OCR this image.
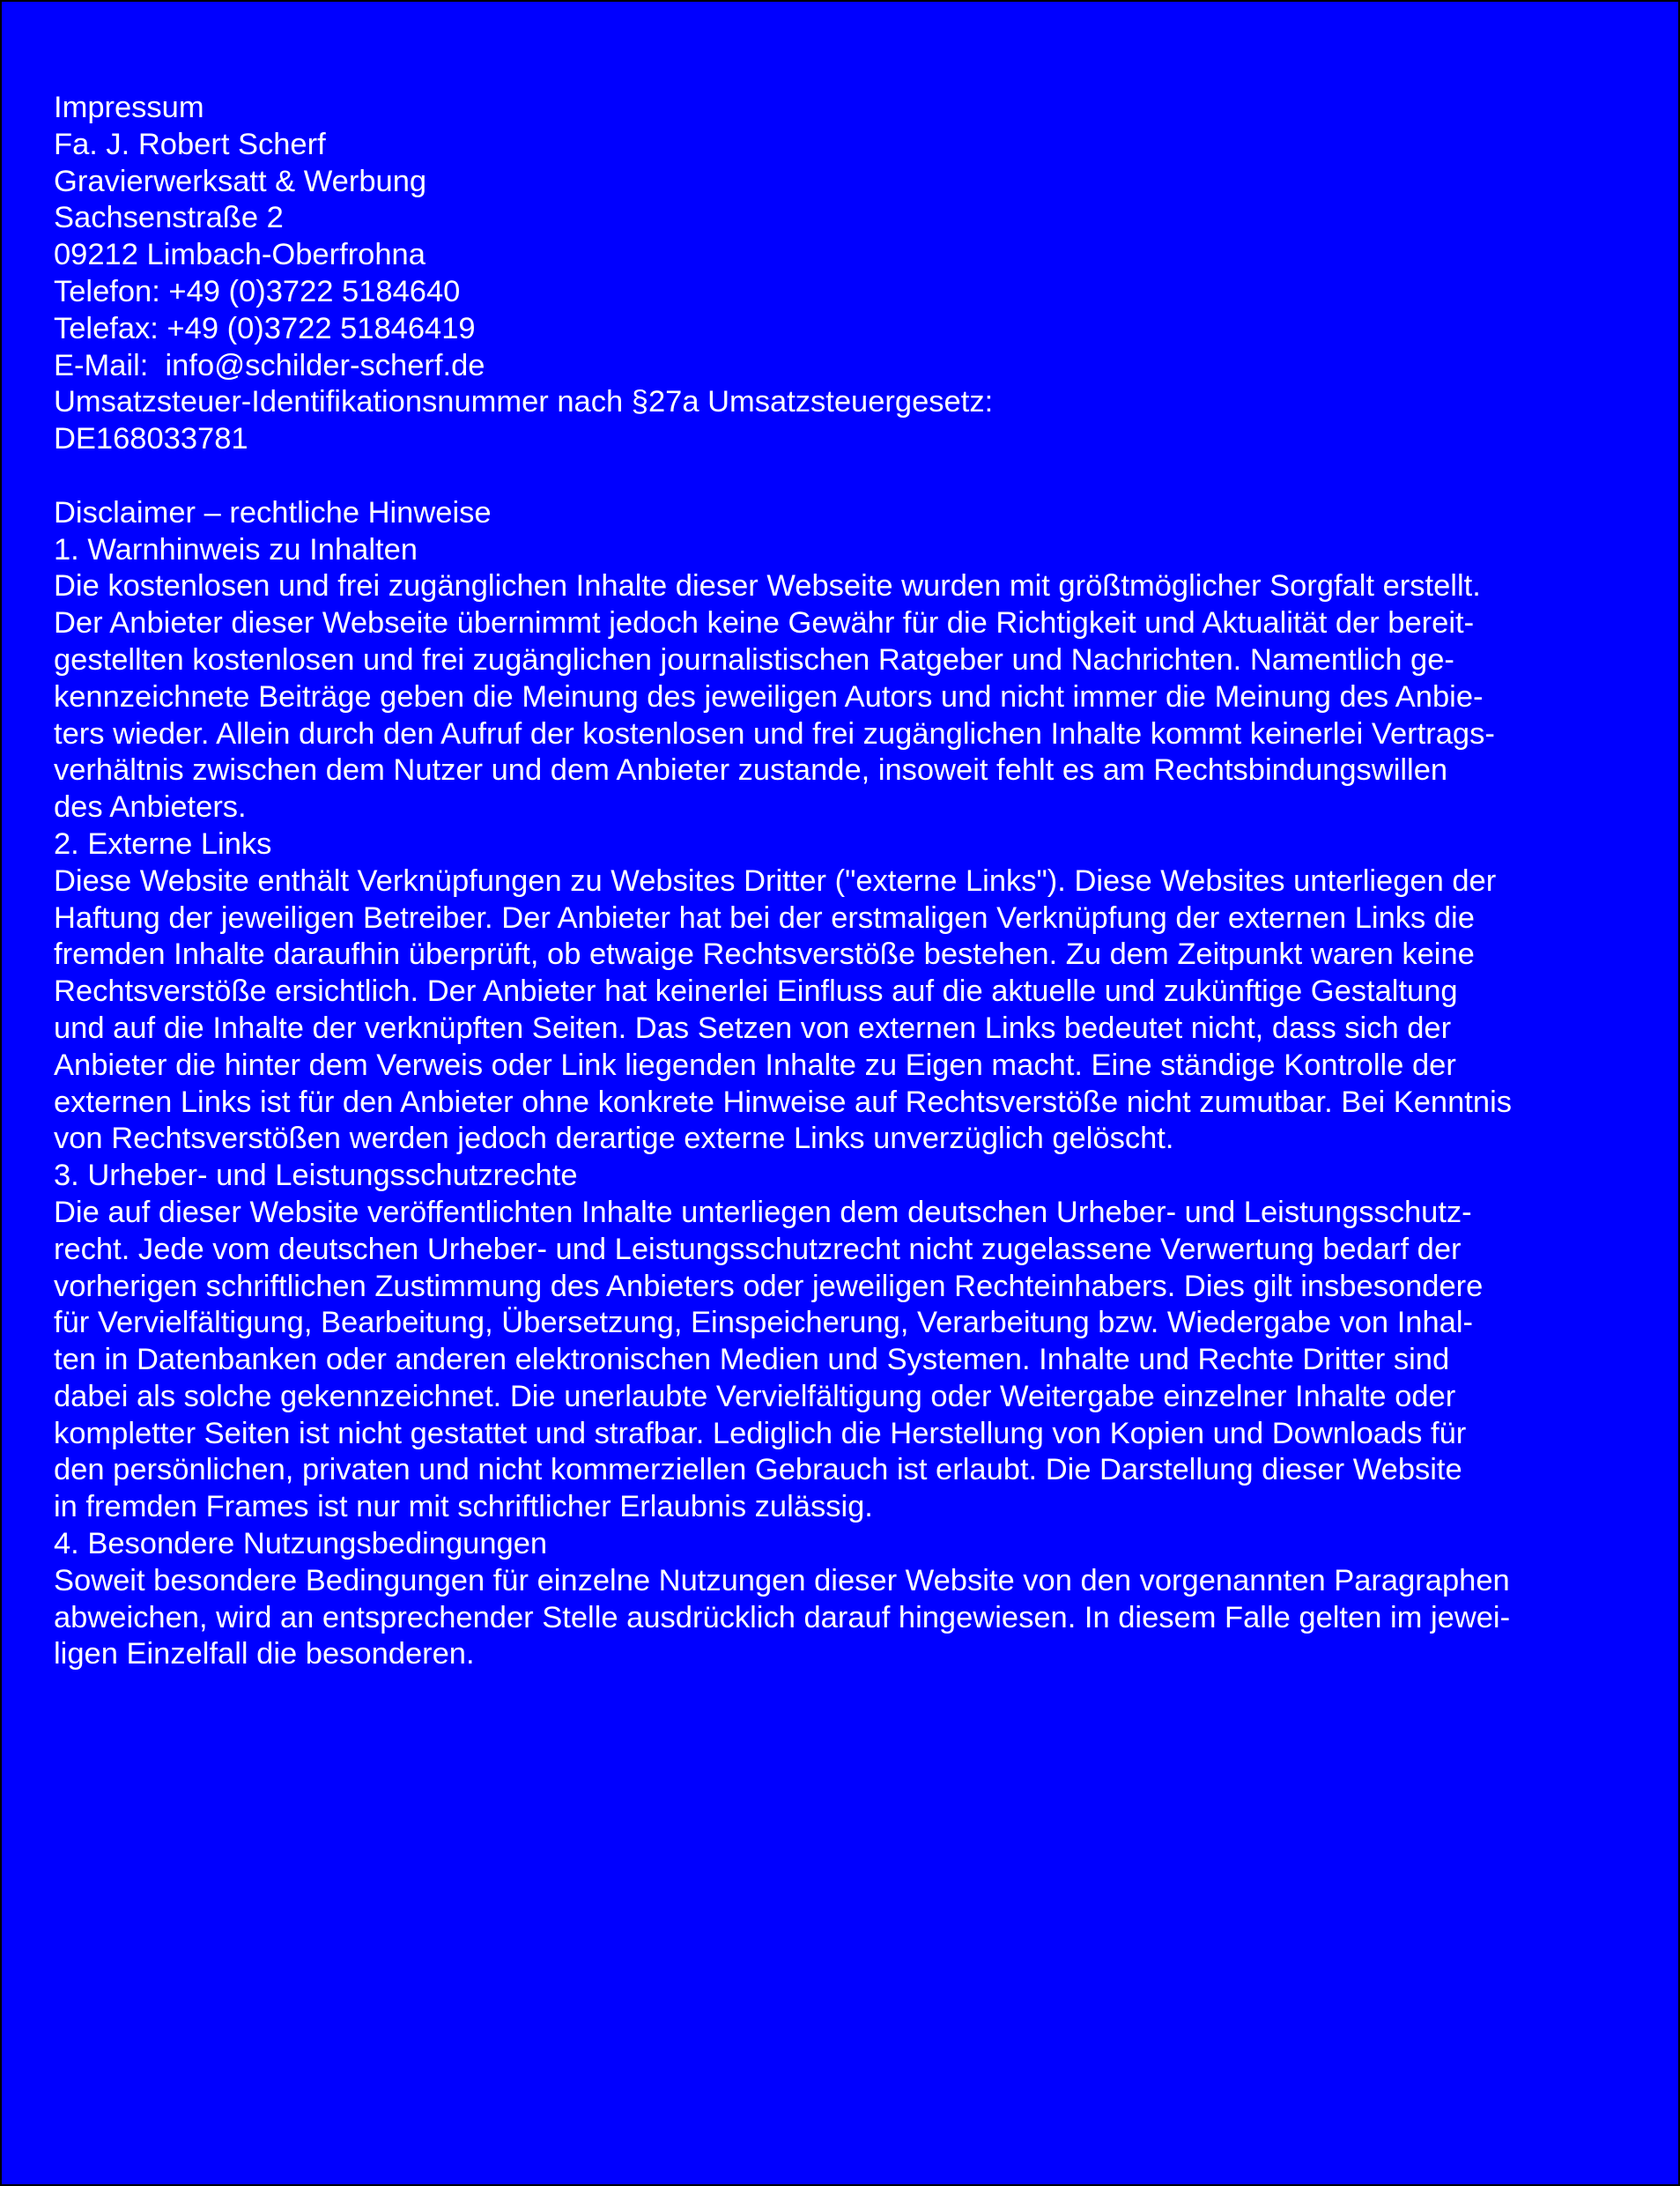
Impressum
Fa. J. Robert Scherf
Gravierwerksatt & Werbung
Sachsenstraße 2
09212 Limbach-Oberfrohna
Telefon: +49 (0)3722 5184640
Telefax: +49 (0)3722 51846419
E-Mail:  info@schilder-scherf.de
Umsatzsteuer-Identifikationsnummer nach §27a Umsatzsteuergesetz:
DE168033781
Disclaimer – rechtliche Hinweise
1. Warnhinweis zu Inhalten
Die kostenlosen und frei zugänglichen Inhalte dieser Webseite wurden mit größtmöglicher Sorgfalt erstellt.
Der Anbieter dieser Webseite übernimmt jedoch keine Gewähr für die Richtigkeit und Aktualität der bereit-
gestellten kostenlosen und frei zugänglichen journalistischen Ratgeber und Nachrichten. Namentlich ge-
kennzeichnete Beiträge geben die Meinung des jeweiligen Autors und nicht immer die Meinung des Anbie-
ters wieder. Allein durch den Aufruf der kostenlosen und frei zugänglichen Inhalte kommt keinerlei Vertrags-
verhältnis zwischen dem Nutzer und dem Anbieter zustande, insoweit fehlt es am Rechtsbindungswillen
des Anbieters.
2. Externe Links
Diese Website enthält Verknüpfungen zu Websites Dritter ("externe Links"). Diese Websites unterliegen der
Haftung der jeweiligen Betreiber. Der Anbieter hat bei der erstmaligen Verknüpfung der externen Links die
fremden Inhalte daraufhin überprüft, ob etwaige Rechtsverstöße bestehen. Zu dem Zeitpunkt waren keine
Rechtsverstöße ersichtlich. Der Anbieter hat keinerlei Einfluss auf die aktuelle und zukünftige Gestaltung
und auf die Inhalte der verknüpften Seiten. Das Setzen von externen Links bedeutet nicht, dass sich der
Anbieter die hinter dem Verweis oder Link liegenden Inhalte zu Eigen macht. Eine ständige Kontrolle der
externen Links ist für den Anbieter ohne konkrete Hinweise auf Rechtsverstöße nicht zumutbar. Bei Kenntnis
von Rechtsverstößen werden jedoch derartige externe Links unverzüglich gelöscht.
3. Urheber- und Leistungsschutzrechte
Die auf dieser Website veröffentlichten Inhalte unterliegen dem deutschen Urheber- und Leistungsschutz-
recht. Jede vom deutschen Urheber- und Leistungsschutzrecht nicht zugelassene Verwertung bedarf der
vorherigen schriftlichen Zustimmung des Anbieters oder jeweiligen Rechteinhabers. Dies gilt insbesondere
für Vervielfältigung, Bearbeitung, Übersetzung, Einspeicherung, Verarbeitung bzw. Wiedergabe von Inhal-
ten in Datenbanken oder anderen elektronischen Medien und Systemen. Inhalte und Rechte Dritter sind
dabei als solche gekennzeichnet. Die unerlaubte Vervielfältigung oder Weitergabe einzelner Inhalte oder
kompletter Seiten ist nicht gestattet und strafbar. Lediglich die Herstellung von Kopien und Downloads für
den persönlichen, privaten und nicht kommerziellen Gebrauch ist erlaubt. Die Darstellung dieser Website
in fremden Frames ist nur mit schriftlicher Erlaubnis zulässig.
4. Besondere Nutzungsbedingungen
Soweit besondere Bedingungen für einzelne Nutzungen dieser Website von den vorgenannten Paragraphen
abweichen, wird an entsprechender Stelle ausdrücklich darauf hingewiesen. In diesem Falle gelten im jewei-
ligen Einzelfall die besonderen.
